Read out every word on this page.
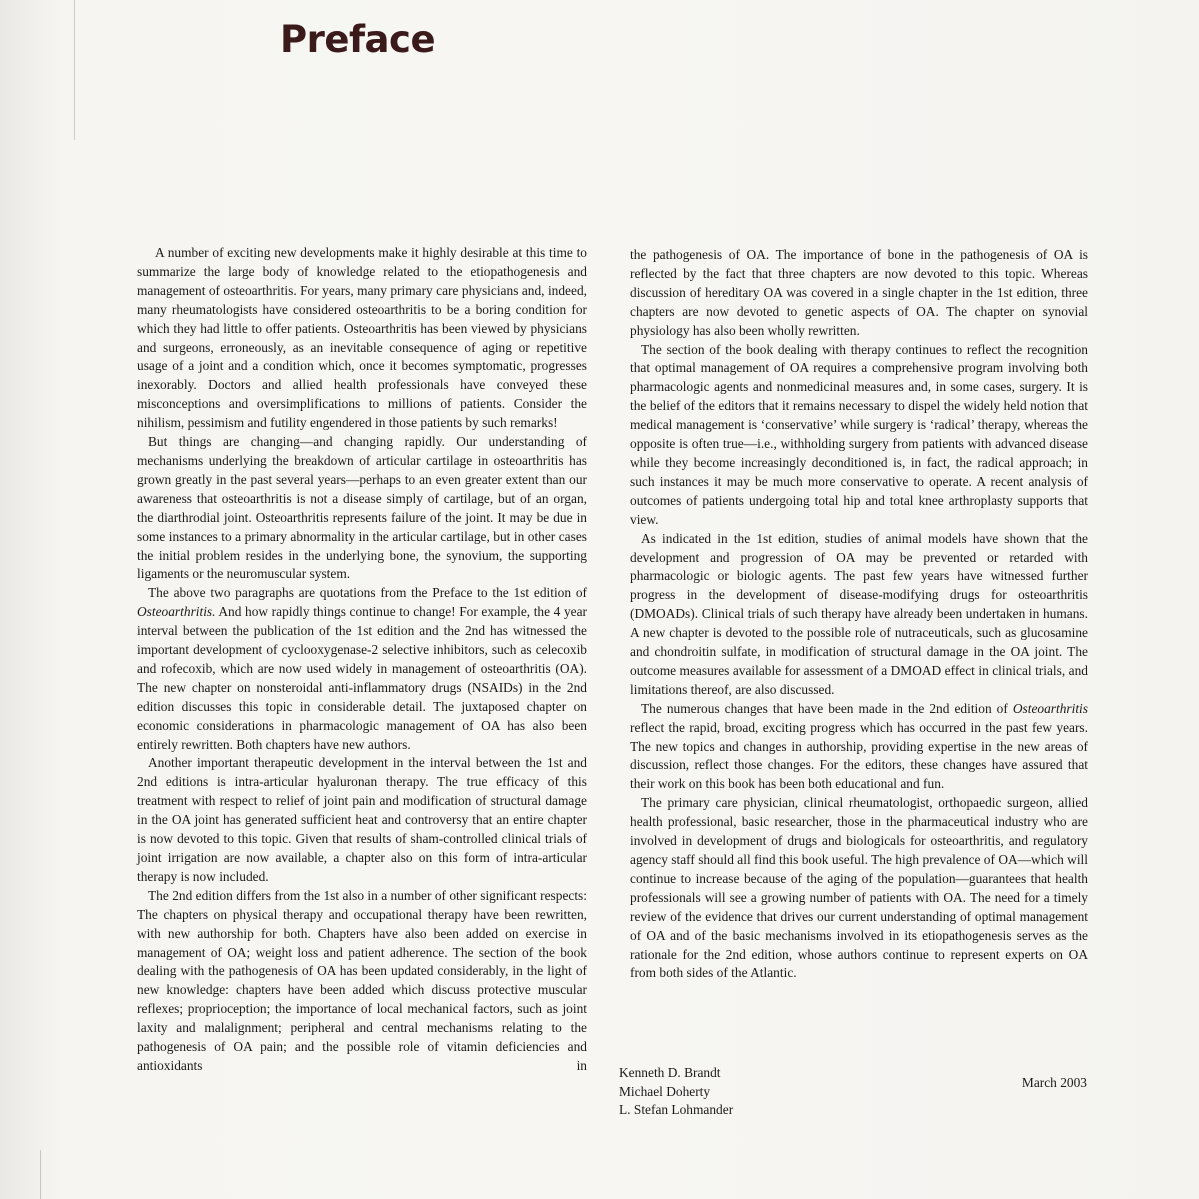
Preface

A number of exciting new developments make it highly desirable at this time to summarize the large body of knowledge related to the etiopathogenesis and management of osteoarthritis. For years, many primary care physicians and, indeed, many rheumatologists have considered osteoarthritis to be a boring condition for which they had little to offer patients. Osteoarthritis has been viewed by physicians and surgeons, erroneously, as an inevitable consequence of aging or repetitive usage of a joint and a condition which, once it becomes symptomatic, progresses inexorably. Doctors and allied health professionals have conveyed these misconceptions and oversimplifications to millions of patients. Consider the nihilism, pessimism and futility engendered in those patients by such remarks!

But things are changing—and changing rapidly. Our understanding of mechanisms underlying the breakdown of articular cartilage in osteoarthritis has grown greatly in the past several years—perhaps to an even greater extent than our awareness that osteoarthritis is not a disease simply of cartilage, but of an organ, the diarthrodial joint. Osteoarthritis represents failure of the joint. It may be due in some instances to a primary abnormality in the articular cartilage, but in other cases the initial problem resides in the underlying bone, the synovium, the supporting ligaments or the neuromuscular system.

The above two paragraphs are quotations from the Preface to the 1st edition of Osteoarthritis. And how rapidly things continue to change! For example, the 4 year interval between the publication of the 1st edition and the 2nd has witnessed the important development of cyclooxygenase-2 selective inhibitors, such as celecoxib and rofecoxib, which are now used widely in management of osteoarthritis (OA). The new chapter on nonsteroidal anti-inflammatory drugs (NSAIDs) in the 2nd edition discusses this topic in considerable detail. The juxtaposed chapter on economic considerations in pharmacologic management of OA has also been entirely rewritten. Both chapters have new authors.

Another important therapeutic development in the interval between the 1st and 2nd editions is intra-articular hyaluronan therapy. The true efficacy of this treatment with respect to relief of joint pain and modification of structural damage in the OA joint has generated sufficient heat and controversy that an entire chapter is now devoted to this topic. Given that results of sham-controlled clinical trials of joint irrigation are now available, a chapter also on this form of intra-articular therapy is now included.

The 2nd edition differs from the 1st also in a number of other significant respects: The chapters on physical therapy and occupational therapy have been rewritten, with new authorship for both. Chapters have also been added on exercise in management of OA; weight loss and patient adherence. The section of the book dealing with the pathogenesis of OA has been updated considerably, in the light of new knowledge: chapters have been added which discuss protective muscular reflexes; proprioception; the importance of local mechanical factors, such as joint laxity and malalignment; peripheral and central mechanisms relating to the pathogenesis of OA pain; and the possible role of vitamin deficiencies and antioxidants in

the pathogenesis of OA. The importance of bone in the pathogenesis of OA is reflected by the fact that three chapters are now devoted to this topic. Whereas discussion of hereditary OA was covered in a single chapter in the 1st edition, three chapters are now devoted to genetic aspects of OA. The chapter on synovial physiology has also been wholly rewritten.

The section of the book dealing with therapy continues to reflect the recognition that optimal management of OA requires a comprehensive program involving both pharmacologic agents and nonmedicinal measures and, in some cases, surgery. It is the belief of the editors that it remains necessary to dispel the widely held notion that medical management is ‘conservative’ while surgery is ‘radical’ therapy, whereas the opposite is often true—i.e., withholding surgery from patients with advanced disease while they become increasingly deconditioned is, in fact, the radical approach; in such instances it may be much more conservative to operate. A recent analysis of outcomes of patients undergoing total hip and total knee arthroplasty supports that view.

As indicated in the 1st edition, studies of animal models have shown that the development and progression of OA may be prevented or retarded with pharmacologic or biologic agents. The past few years have witnessed further progress in the development of disease-modifying drugs for osteoarthritis (DMOADs). Clinical trials of such therapy have already been undertaken in humans. A new chapter is devoted to the possible role of nutraceuticals, such as glucosamine and chondroitin sulfate, in modification of structural damage in the OA joint. The outcome measures available for assessment of a DMOAD effect in clinical trials, and limitations thereof, are also discussed.

The numerous changes that have been made in the 2nd edition of Osteoarthritis reflect the rapid, broad, exciting progress which has occurred in the past few years. The new topics and changes in authorship, providing expertise in the new areas of discussion, reflect those changes. For the editors, these changes have assured that their work on this book has been both educational and fun.

The primary care physician, clinical rheumatologist, orthopaedic surgeon, allied health professional, basic researcher, those in the pharmaceutical industry who are involved in development of drugs and biologicals for osteoarthritis, and regulatory agency staff should all find this book useful. The high prevalence of OA—which will continue to increase because of the aging of the population—guarantees that health professionals will see a growing number of patients with OA. The need for a timely review of the evidence that drives our current understanding of optimal management of OA and of the basic mechanisms involved in its etiopathogenesis serves as the rationale for the 2nd edition, whose authors continue to represent experts on OA from both sides of the Atlantic.

Kenneth D. Brandt
Michael Doherty
L. Stefan Lohmander
March 2003
